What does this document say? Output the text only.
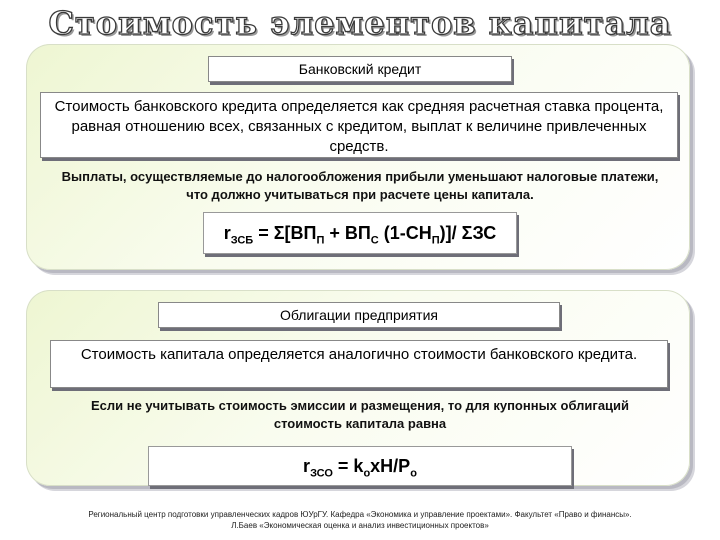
Стоимость элементов капитала
Банковский кредит
Стоимость банковского кредита определяется как средняя расчетная ставка процента, равная отношению всех, связанных с кредитом, выплат к величине привлеченных средств.
Выплаты, осуществляемые до налогообложения прибыли уменьшают налоговые платежи, что должно учитываться при расчете цены капитала.
$r_{ЗСБ} = \Sigma[ВП_П + ВП_С$ $(1-СН_П)]/$ ΣЗС
Облигации предприятия
Стоимость капитала определяется аналогично стоимости банковского кредита.
Если не учитывать стоимость эмиссии и размещения, то для купонных облигаций стоимость капитала равна
$r_{ЗСО} = k_охН/Р_о$
Региональный центр подготовки управленческих кадров ЮУрГУ. Кафедра «Экономика и управление проектами». Факультет «Право и финансы».
Л.Баев «Экономическая оценка и анализ инвестиционных проектов»
